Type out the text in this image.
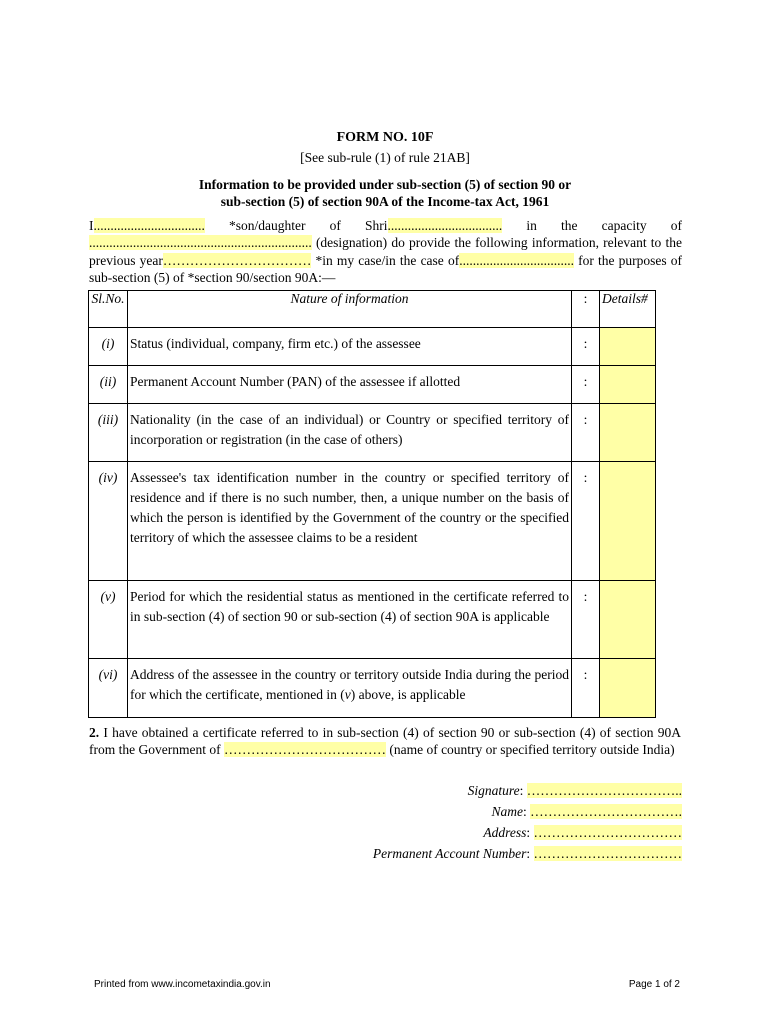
FORM NO. 10F
[See sub-rule (1) of rule 21AB]
Information to be provided under sub-section (5) of section 90 or
sub-section (5) of section 90A of the Income-tax Act, 1961
I................................. *son/daughter of Shri.................................. in the capacity of .................................................................. (designation) do provide the following information, relevant to the previous year…………………………… *in my case/in the case of.................................. for the purposes of sub-section (5) of *section 90/section 90A:—
Sl.No.	Nature of information	:	Details#

(i)	Status (individual, company, firm etc.) of the assessee	:	

(ii)	Permanent Account Number (PAN) of the assessee if allotted	:	

(iii)	Nationality (in the case of an individual) or Country or specified territory of incorporation or registration (in the case of others)	:	

(iv)	Assessee's tax identification number in the country or specified territory of residence and if there is no such number, then, a unique number on the basis of which the person is identified by the Government of the country or the specified territory of which the assessee claims to be a resident	:	

(v)	Period for which the residential status as mentioned in the certificate referred to in sub-section (4) of section 90 or sub-section (4) of section 90A is applicable	:	

(vi)	Address of the assessee in the country or territory outside India during the period for which the certificate, mentioned in (v) above, is applicable	:	

2. I have obtained a certificate referred to in sub-section (4) of section 90 or sub-section (4) of section 90A from the Government of ……………………………… (name of country or specified territory outside India)
Signature: ……………………………..
Name: …………………………….
Address: ……………………………
Permanent Account Number: ……………………………
Printed from www.incometaxindia.gov.in	Page 1 of 2
